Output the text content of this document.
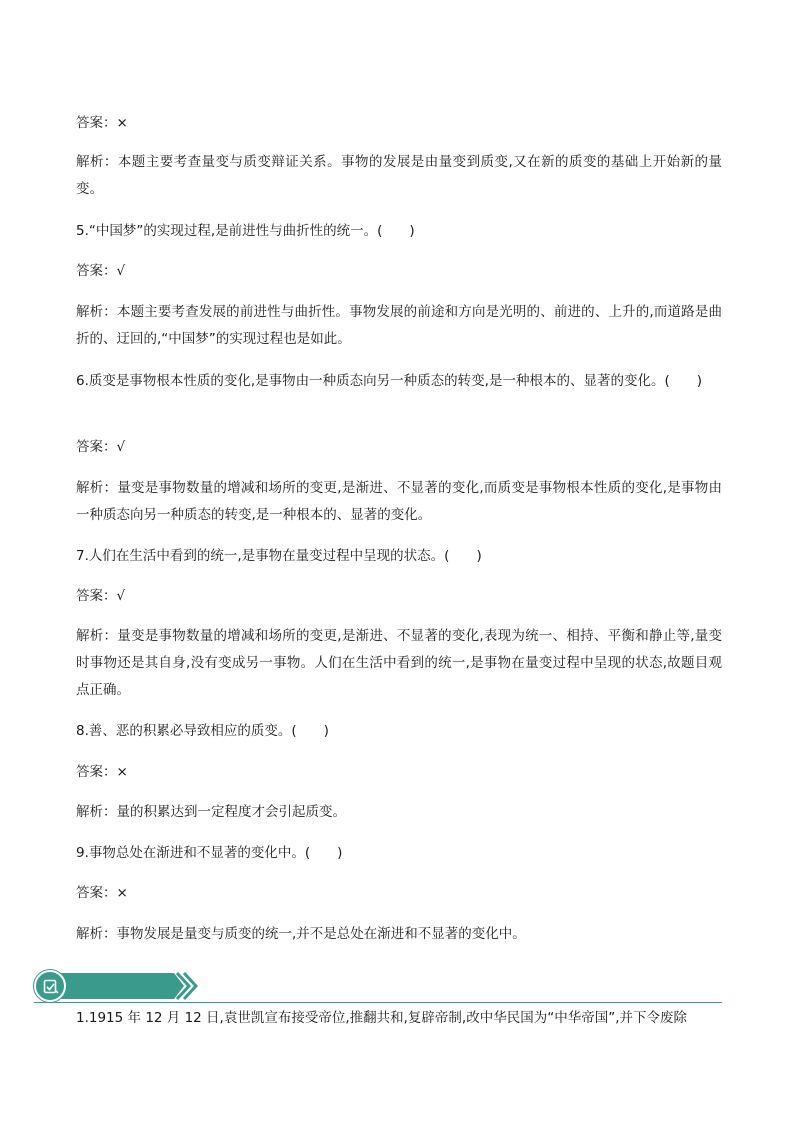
答案：×
解析：本题主要考查量变与质变辩证关系。事物的发展是由量变到质变,又在新的质变的基础上开始新的量变。
5.“中国梦”的实现过程,是前进性与曲折性的统一。(　　)
答案：√
解析：本题主要考查发展的前进性与曲折性。事物发展的前途和方向是光明的、前进的、上升的,而道路是曲折的、迂回的,“中国梦”的实现过程也是如此。
6.质变是事物根本性质的变化,是事物由一种质态向另一种质态的转变,是一种根本的、显著的变化。(　　)
答案：√
解析：量变是事物数量的增减和场所的变更,是渐进、不显著的变化,而质变是事物根本性质的变化,是事物由一种质态向另一种质态的转变,是一种根本的、显著的变化。
7.人们在生活中看到的统一,是事物在量变过程中呈现的状态。(　　)
答案：√
解析：量变是事物数量的增减和场所的变更,是渐进、不显著的变化,表现为统一、相持、平衡和静止等,量变时事物还是其自身,没有变成另一事物。人们在生活中看到的统一,是事物在量变过程中呈现的状态,故题目观点正确。
8.善、恶的积累必导致相应的质变。(　　)
答案：×
解析：量的积累达到一定程度才会引起质变。
9.事物总处在渐进和不显著的变化中。(　　)
答案：×
解析：事物发展是量变与质变的统一,并不是总处在渐进和不显著的变化中。
1.1915 年 12 月 12 日,袁世凯宣布接受帝位,推翻共和,复辟帝制,改中华民国为“中华帝国”,并下令废除
